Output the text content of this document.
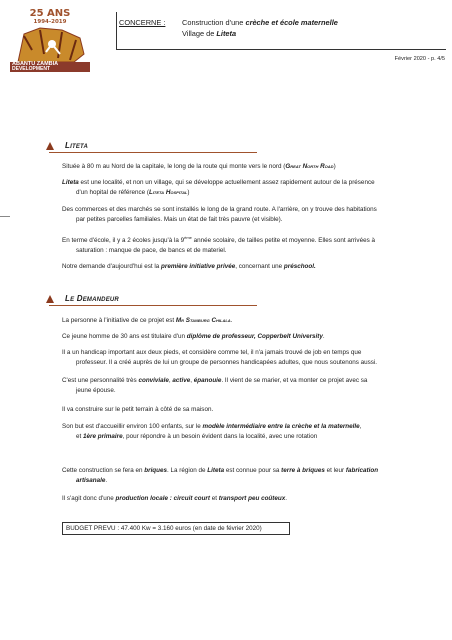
25 ANS
1994-2019
ABANTU ZAMBIA
DEVELOPMENT
CONCERNE : Construction d'une crèche et école maternelle
Village de Liteta
Février 2020 - p. 4/5
Liteta
Située à 80 m au Nord de la capitale, le long de la route qui monte vers le nord (Great North Road)
Liteta est une localité, et non un village, qui se développe actuellement assez rapidement autour de la présence
d'un hopital de référence (Liteta Hospital)
Des commerces et des marchés se sont installés le long de la grand route. A l'arrière, on y trouve des habitations
par petites parcelles familiales. Mais un état de fait très pauvre (et visible).
En terme d'école, il y a 2 écoles jusqu'à la 9ème année scolaire, de tailles petite et moyenne. Elles sont arrivées à
saturation : manque de pace, de bancs et de materiel.
Notre demande d'aujourd'hui est la première initiative privée, concernant une préschool.
Le Demandeur
La personne à l'initiative de ce projet est Mr Stanburg Chilala.
Ce jeune homme de 30 ans est titulaire d'un diplôme de professeur, Copperbelt University.
Il a un handicap important aux deux pieds, et considère comme tel, il n'a jamais trouvé de job en temps que
professeur. Il a créé auprès de lui un groupe de personnes handicapées adultes, que nous soutenons aussi.
C'est une personnalité très conviviale, active, épanouie. Il vient de se marier, et va monter ce projet avec sa
jeune épouse.
Il va construire sur le petit terrain à côté de sa maison.
Son but est d'accueillir environ 100 enfants, sur le modèle intermédiaire entre la crèche et la maternelle,
et 1ère primaire, pour répondre à un besoin évident dans la localité, avec une rotation
Cette construction se fera en briques. La région de Liteta est connue pour sa terre à briques et leur fabrication
artisanale.
Il s'agit donc d'une production locale : circuit court et transport peu coûteux.
BUDGET PREVU : 47.400 Kw = 3.160 euros (en date de février 2020)
